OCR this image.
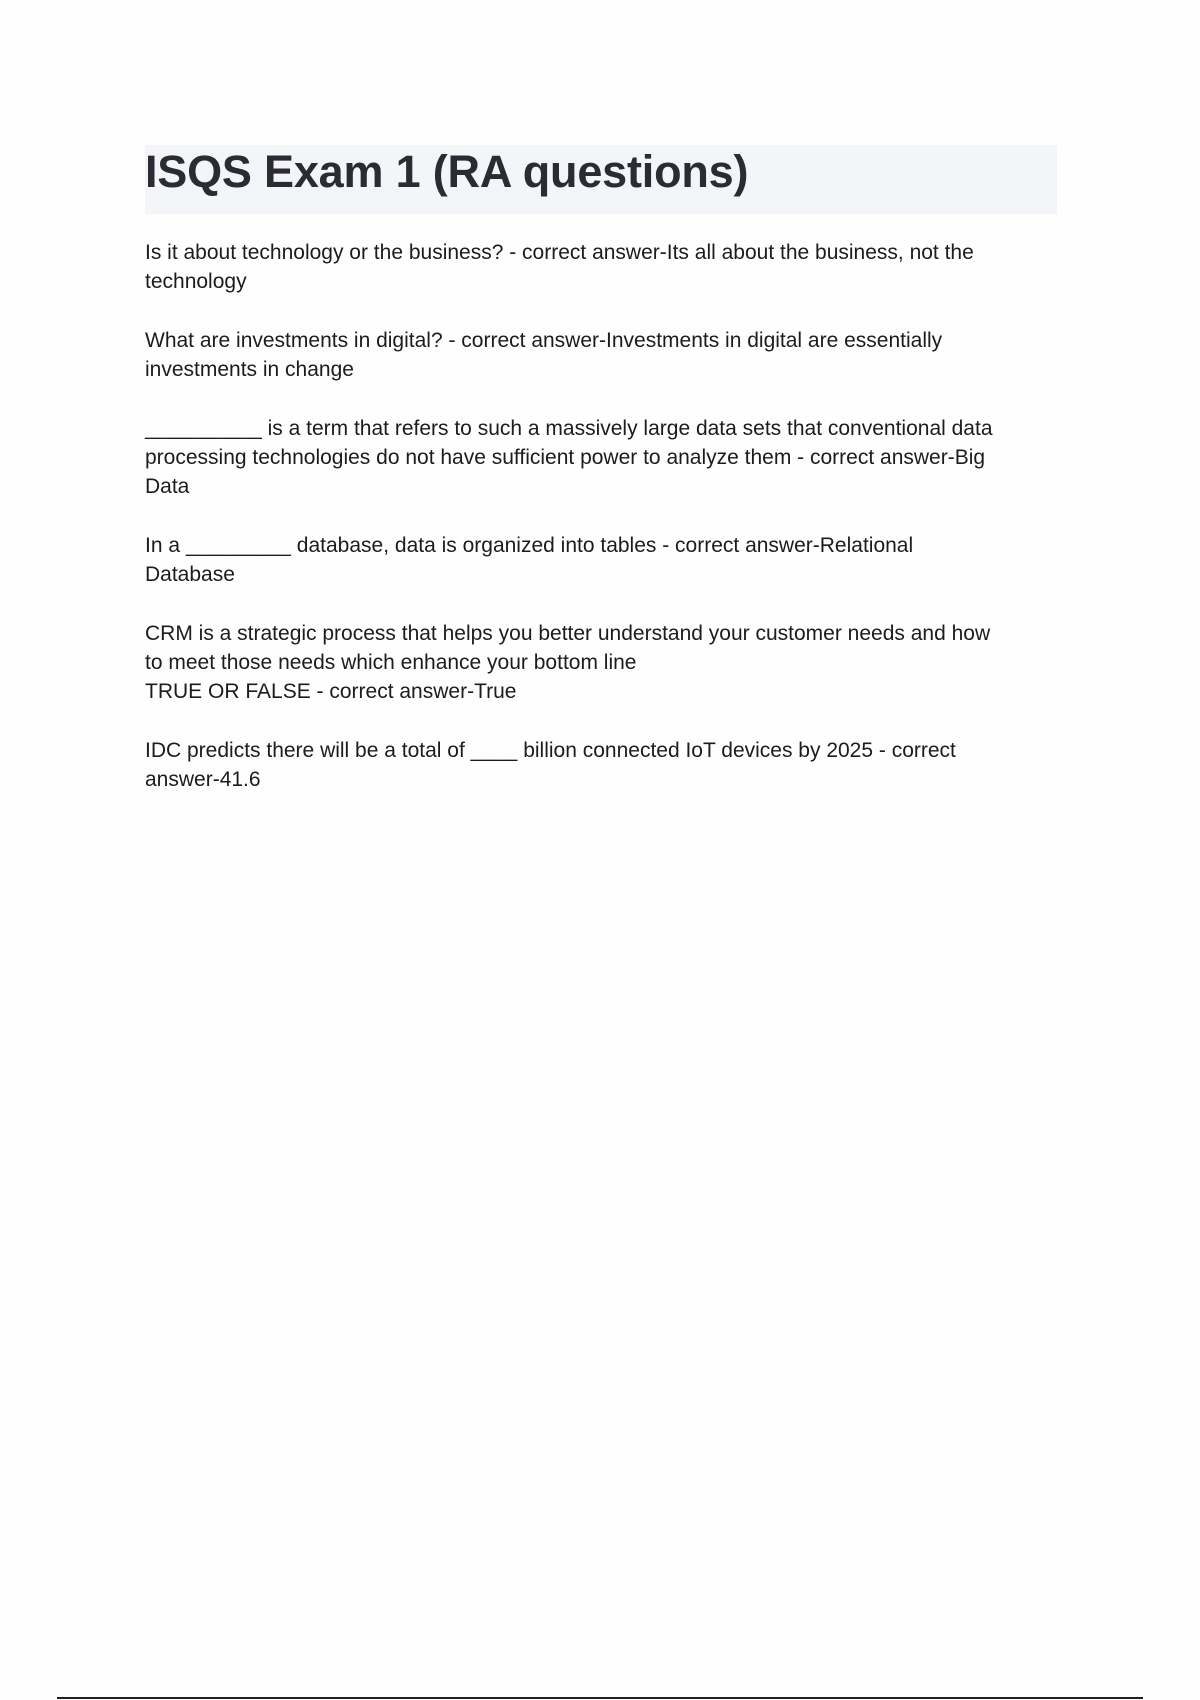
ISQS Exam 1 (RA questions)

Is it about technology or the business? - correct answer-Its all about the business, not the
technology

What are investments in digital? - correct answer-Investments in digital are essentially
investments in change

__________ is a term that refers to such a massively large data sets that conventional data
processing technologies do not have sufficient power to analyze them - correct answer-Big
Data

In a _________ database, data is organized into tables - correct answer-Relational
Database

CRM is a strategic process that helps you better understand your customer needs and how
to meet those needs which enhance your bottom line
TRUE OR FALSE - correct answer-True

IDC predicts there will be a total of ____ billion connected IoT devices by 2025 - correct
answer-41.6
